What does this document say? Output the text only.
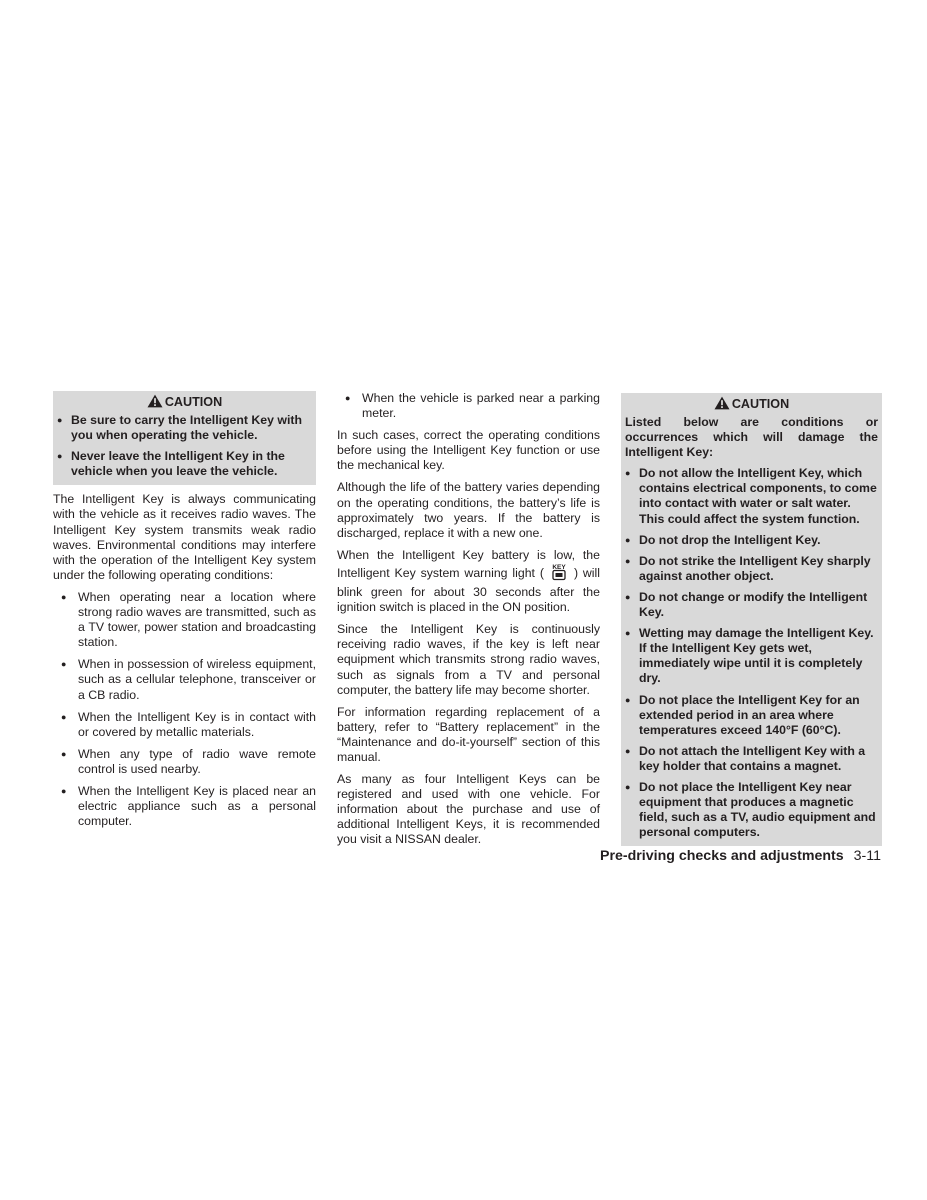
CAUTION
● Be sure to carry the Intelligent Key with you when operating the vehicle.
● Never leave the Intelligent Key in the vehicle when you leave the vehicle.

The Intelligent Key is always communicating with the vehicle as it receives radio waves. The Intelligent Key system transmits weak radio waves. Environmental conditions may interfere with the operation of the Intelligent Key system under the following operating conditions:

● When operating near a location where strong radio waves are transmitted, such as a TV tower, power station and broadcasting station.
● When in possession of wireless equipment, such as a cellular telephone, transceiver or a CB radio.
● When the Intelligent Key is in contact with or covered by metallic materials.
● When any type of radio wave remote control is used nearby.
● When the Intelligent Key is placed near an electric appliance such as a personal computer.
● When the vehicle is parked near a parking meter.

In such cases, correct the operating conditions before using the Intelligent Key function or use the mechanical key.

Although the life of the battery varies depending on the operating conditions, the battery’s life is approximately two years. If the battery is discharged, replace it with a new one.

When the Intelligent Key battery is low, the Intelligent Key system warning light ( KEY ) will blink green for about 30 seconds after the ignition switch is placed in the ON position.

Since the Intelligent Key is continuously receiving radio waves, if the key is left near equipment which transmits strong radio waves, such as signals from a TV and personal computer, the battery life may become shorter.

For information regarding replacement of a battery, refer to “Battery replacement” in the “Maintenance and do-it-yourself” section of this manual.

As many as four Intelligent Keys can be registered and used with one vehicle. For information about the purchase and use of additional Intelligent Keys, it is recommended you visit a NISSAN dealer.

CAUTION

Listed below are conditions or occurrences which will damage the Intelligent Key:

● Do not allow the Intelligent Key, which contains electrical components, to come into contact with water or salt water. This could affect the system function.
● Do not drop the Intelligent Key.
● Do not strike the Intelligent Key sharply against another object.
● Do not change or modify the Intelligent Key.
● Wetting may damage the Intelligent Key. If the Intelligent Key gets wet, immediately wipe until it is completely dry.
● Do not place the Intelligent Key for an extended period in an area where temperatures exceed 140°F (60°C).
● Do not attach the Intelligent Key with a key holder that contains a magnet.
● Do not place the Intelligent Key near equipment that produces a magnetic field, such as a TV, audio equipment and personal computers.
Pre-driving checks and adjustments 3-11
